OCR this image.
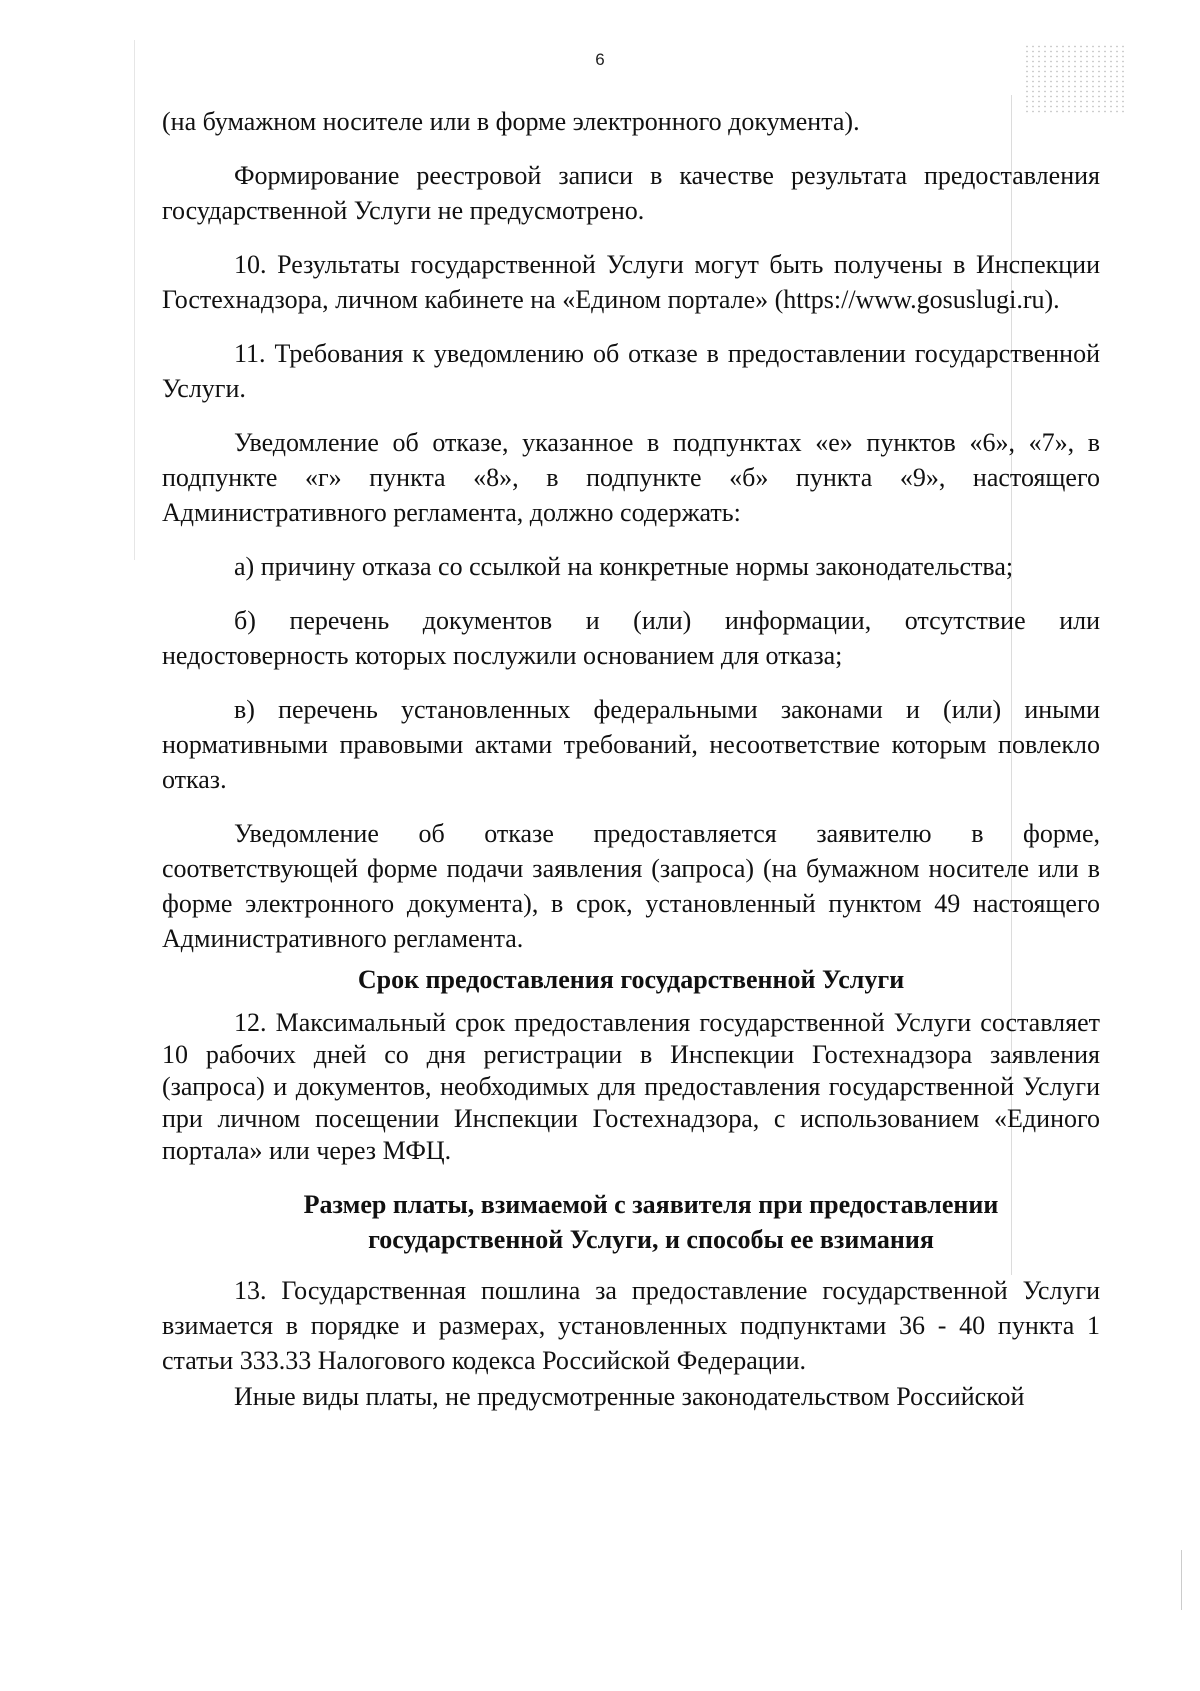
6

(на бумажном носителе или в форме электронного документа).

Формирование реестровой записи в качестве результата предоставления государственной Услуги не предусмотрено.

10. Результаты государственной Услуги могут быть получены в Инспекции Гостехнадзора, личном кабинете на «Едином портале» (https://www.gosuslugi.ru).

11. Требования к уведомлению об отказе в предоставлении государственной Услуги.

Уведомление об отказе, указанное в подпунктах «е» пунктов «6», «7», в подпункте «г» пункта «8», в подпункте «б» пункта «9», настоящего Административного регламента, должно содержать:

а) причину отказа со ссылкой на конкретные нормы законодательства;

б) перечень документов и (или) информации, отсутствие или недостоверность которых послужили основанием для отказа;

в) перечень установленных федеральными законами и (или) иными нормативными правовыми актами требований, несоответствие которым повлекло отказ.

Уведомление об отказе предоставляется заявителю в форме, соответствующей форме подачи заявления (запроса) (на бумажном носителе или в форме электронного документа), в срок, установленный пунктом 49 настоящего Административного регламента.

Срок предоставления государственной Услуги

12. Максимальный срок предоставления государственной Услуги составляет 10 рабочих дней со дня регистрации в Инспекции Гостехнадзора заявления (запроса) и документов, необходимых для предоставления государственной Услуги при личном посещении Инспекции Гостехнадзора, с использованием «Единого портала» или через МФЦ.

Размер платы, взимаемой с заявителя при предоставлении
государственной Услуги, и способы ее взимания

13. Государственная пошлина за предоставление государственной Услуги взимается в порядке и размерах, установленных подпунктами 36 - 40 пункта 1 статьи 333.33 Налогового кодекса Российской Федерации.

Иные виды платы, не предусмотренные законодательством Российской
